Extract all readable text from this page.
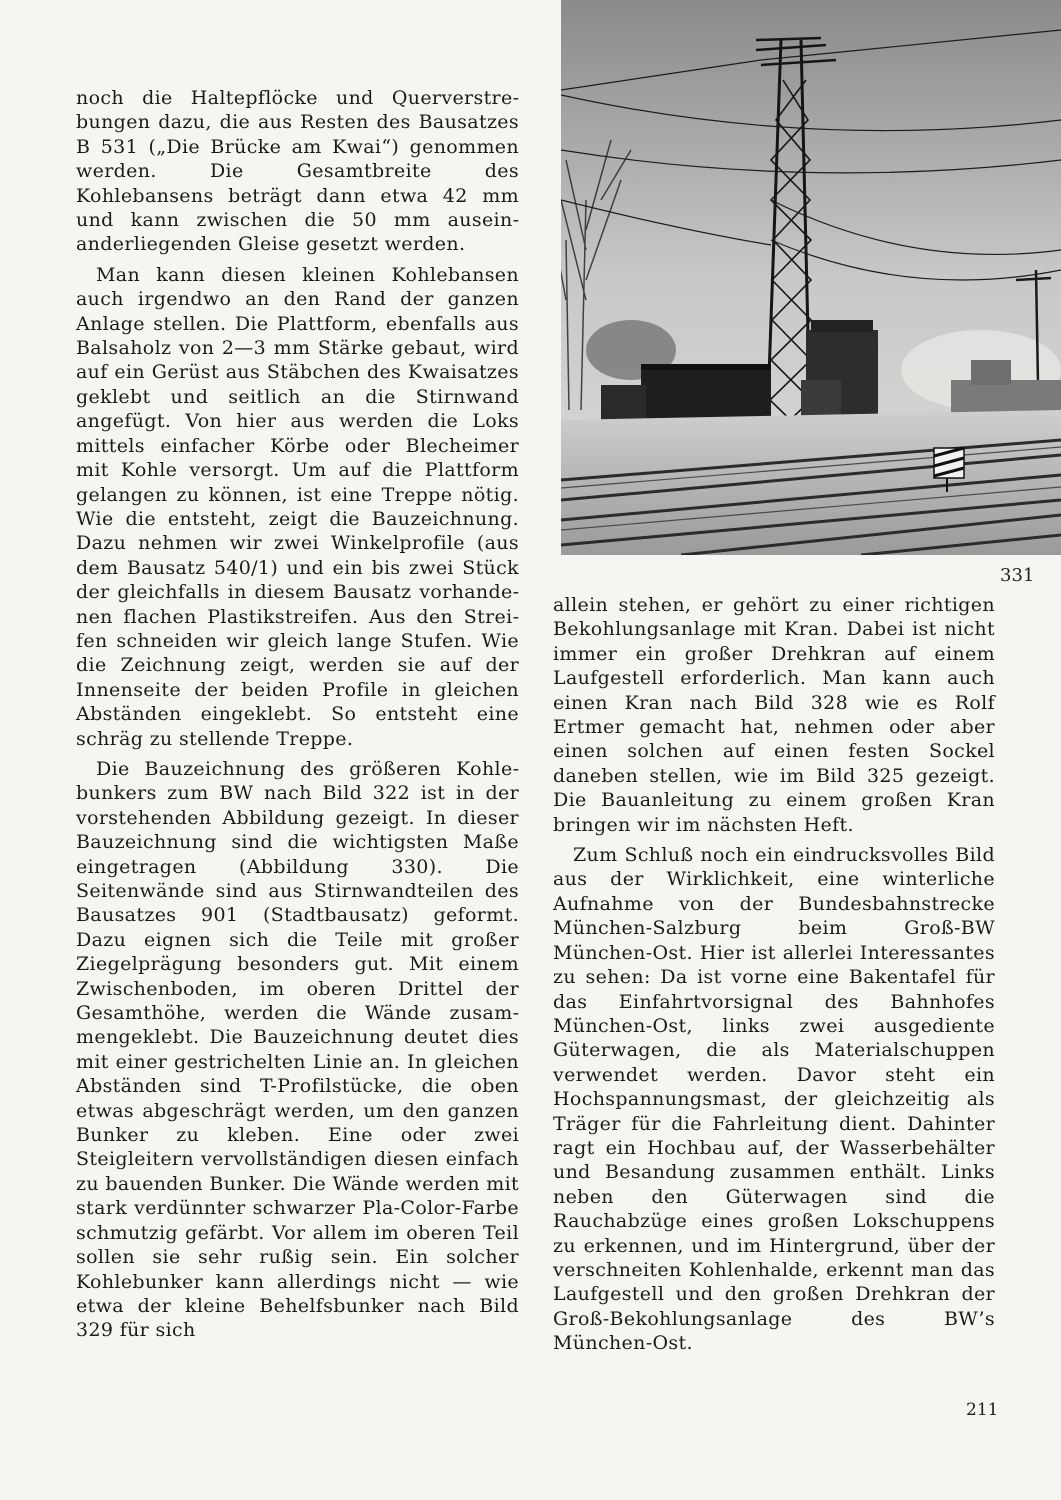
noch die Haltepflöcke und Querverstrebungen dazu, die aus Resten des Bausatzes B 531 („Die Brücke am Kwai“) genommen werden. Die Gesamtbreite des Kohlebansens beträgt dann etwa 42 mm und kann zwischen die 50 mm auseinanderliegenden Gleise gesetzt werden.

Man kann diesen kleinen Kohlebansen auch irgendwo an den Rand der ganzen Anlage stellen. Die Plattform, ebenfalls aus Balsaholz von 2—3 mm Stärke gebaut, wird auf ein Gerüst aus Stäbchen des Kwaisatzes geklebt und seitlich an die Stirnwand angefügt. Von hier aus werden die Loks mittels einfacher Körbe oder Blecheimer mit Kohle versorgt. Um auf die Plattform gelangen zu können, ist eine Treppe nötig. Wie die entsteht, zeigt die Bauzeichnung. Dazu nehmen wir zwei Winkelprofile (aus dem Bausatz 540/1) und ein bis zwei Stück der gleichfalls in diesem Bausatz vorhandenen flachen Plastikstreifen. Aus den Streifen schneiden wir gleich lange Stufen. Wie die Zeichnung zeigt, werden sie auf der Innenseite der beiden Profile in gleichen Abständen eingeklebt. So entsteht eine schräg zu stellende Treppe.

Die Bauzeichnung des größeren Kohlebunkers zum BW nach Bild 322 ist in der vorstehenden Abbildung gezeigt. In dieser Bauzeichnung sind die wichtigsten Maße eingetragen (Abbildung 330). Die Seitenwände sind aus Stirnwandteilen des Bausatzes 901 (Stadtbausatz) geformt. Dazu eignen sich die Teile mit großer Ziegelprägung besonders gut. Mit einem Zwischenboden, im oberen Drittel der Gesamthöhe, werden die Wände zusammengeklebt. Die Bauzeichnung deutet dies mit einer gestrichelten Linie an. In gleichen Abständen sind T-Profilstücke, die oben etwas abgeschrägt werden, um den ganzen Bunker zu kleben. Eine oder zwei Steigleitern vervollständigen diesen einfach zu bauenden Bunker. Die Wände werden mit stark verdünnter schwarzer Pla-Color-Farbe schmutzig gefärbt. Vor allem im oberen Teil sollen sie sehr rußig sein. Ein solcher Kohlebunker kann allerdings nicht — wie etwa der kleine Behelfsbunker nach Bild 329 für sich

331

allein stehen, er gehört zu einer richtigen Bekohlungsanlage mit Kran. Dabei ist nicht immer ein großer Drehkran auf einem Laufgestell erforderlich. Man kann auch einen Kran nach Bild 328 wie es Rolf Ertmer gemacht hat, nehmen oder aber einen solchen auf einen festen Sockel daneben stellen, wie im Bild 325 gezeigt. Die Bauanleitung zu einem großen Kran bringen wir im nächsten Heft.

Zum Schluß noch ein eindrucksvolles Bild aus der Wirklichkeit, eine winterliche Aufnahme von der Bundesbahnstrecke München-Salzburg beim Groß-BW München-Ost. Hier ist allerlei Interessantes zu sehen: Da ist vorne eine Bakentafel für das Einfahrtvorsignal des Bahnhofes München-Ost, links zwei ausgediente Güterwagen, die als Materialschuppen verwendet werden. Davor steht ein Hochspannungsmast, der gleichzeitig als Träger für die Fahrleitung dient. Dahinter ragt ein Hochbau auf, der Wasserbehälter und Besandung zusammen enthält. Links neben den Güterwagen sind die Rauchabzüge eines großen Lokschuppens zu erkennen, und im Hintergrund, über der verschneiten Kohlenhalde, erkennt man das Laufgestell und den großen Drehkran der Groß-Bekohlungsanlage des BW’s München-Ost.

211
